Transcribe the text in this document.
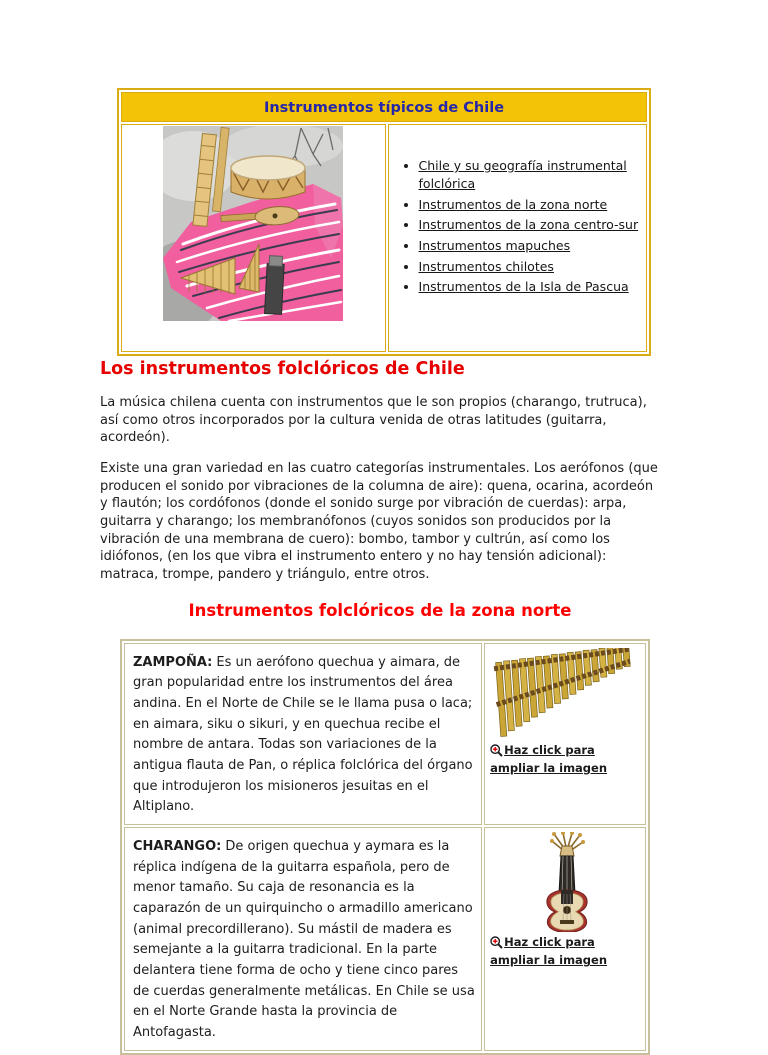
Instrumentos típicos de Chile

• Chile y su geografía instrumental folclórica
• Instrumentos de la zona norte
• Instrumentos de la zona centro-sur
• Instrumentos mapuches
• Instrumentos chilotes
• Instrumentos de la Isla de Pascua
Los instrumentos folclóricos de Chile

La música chilena cuenta con instrumentos que le son propios (charango, trutruca), así como otros incorporados por la cultura venida de otras latitudes (guitarra, acordeón).

Existe una gran variedad en las cuatro categorías instrumentales. Los aerófonos (que producen el sonido por vibraciones de la columna de aire): quena, ocarina, acordeón y flautón; los cordófonos (donde el sonido surge por vibración de cuerdas): arpa, guitarra y charango; los membranófonos (cuyos sonidos son producidos por la vibración de una membrana de cuero): bombo, tambor y cultrún, así como los idiófonos, (en los que vibra el instrumento entero y no hay tensión adicional): matraca, trompe, pandero y triángulo, entre otros.

Instrumentos folclóricos de la zona norte
ZAMPOÑA: Es un aerófono quechua y aimara, de gran popularidad entre los instrumentos del área andina. En el Norte de Chile se le llama pusa o laca; en aimara, siku o sikuri, y en quechua recibe el nombre de antara. Todas son variaciones de la antigua flauta de Pan, o réplica folclórica del órgano que introdujeron los misioneros jesuitas en el Altiplano.	Haz click para ampliar la imagen

CHARANGO: De origen quechua y aymara es la réplica indígena de la guitarra española, pero de menor tamaño. Su caja de resonancia es la caparazón de un quirquincho o armadillo americano (animal precordillerano). Su mástil de madera es semejante a la guitarra tradicional. En la parte delantera tiene forma de ocho y tiene cinco pares de cuerdas generalmente metálicas. En Chile se usa en el Norte Grande hasta la provincia de Antofagasta.	Haz click para ampliar la imagen
